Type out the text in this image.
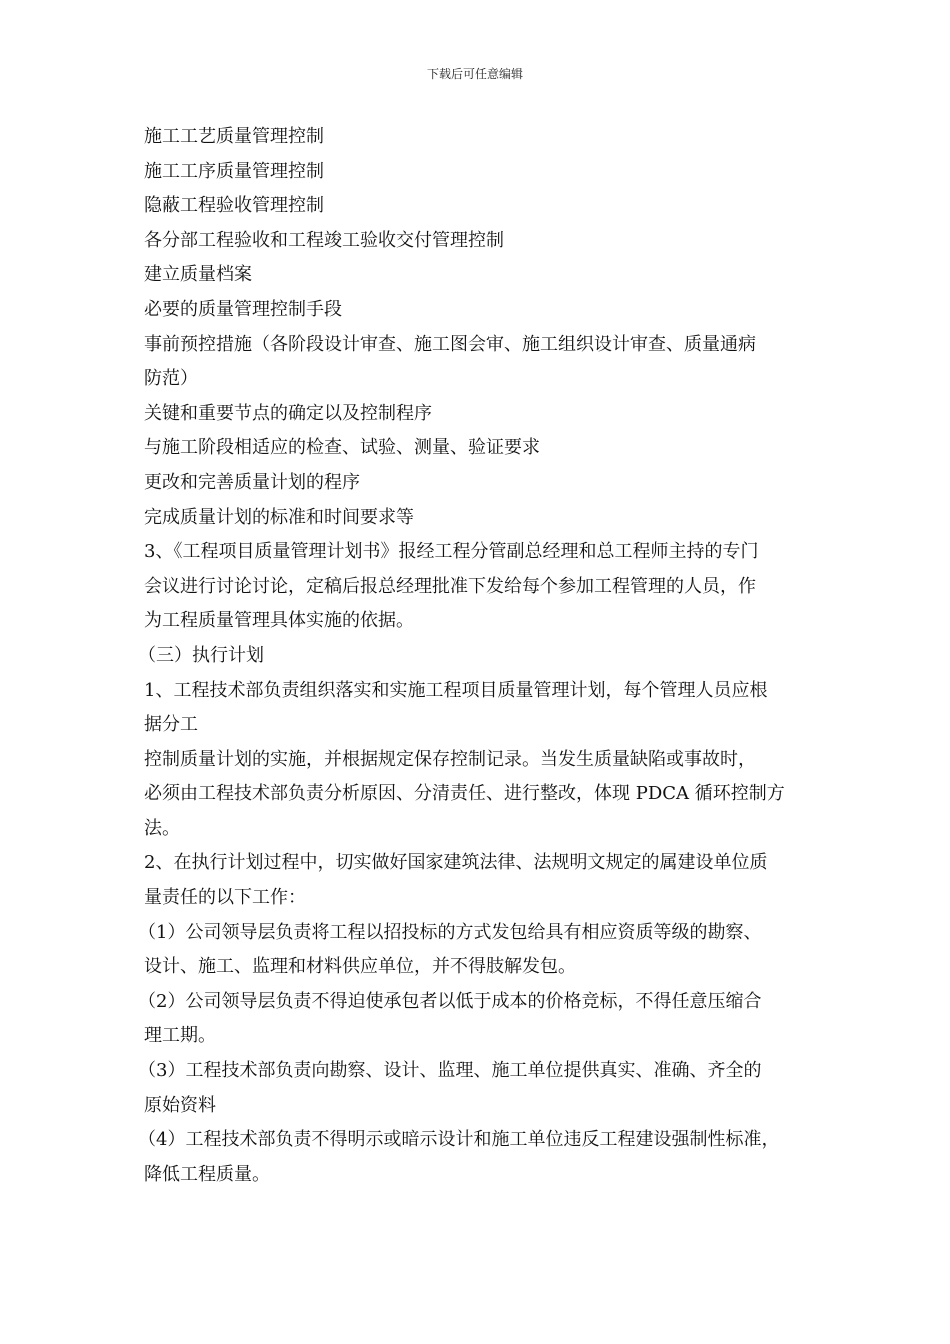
下载后可任意编辑
施工工艺质量管理控制
施工工序质量管理控制
隐蔽工程验收管理控制
各分部工程验收和工程竣工验收交付管理控制
建立质量档案
必要的质量管理控制手段
事前预控措施（各阶段设计审查、施工图会审、施工组织设计审查、质量通病
防范）
关键和重要节点的确定以及控制程序
与施工阶段相适应的检查、试验、测量、验证要求
更改和完善质量计划的程序
完成质量计划的标准和时间要求等
3、《工程项目质量管理计划书》报经工程分管副总经理和总工程师主持的专门
会议进行讨论讨论，定稿后报总经理批准下发给每个参加工程管理的人员，作
为工程质量管理具体实施的依据。
（三）执行计划
1、工程技术部负责组织落实和实施工程项目质量管理计划，每个管理人员应根
据分工
控制质量计划的实施，并根据规定保存控制记录。当发生质量缺陷或事故时，
必须由工程技术部负责分析原因、分清责任、进行整改，体现 PDCA 循环控制方
法。
2、在执行计划过程中，切实做好国家建筑法律、法规明文规定的属建设单位质
量责任的以下工作：
（1）公司领导层负责将工程以招投标的方式发包给具有相应资质等级的勘察、
设计、施工、监理和材料供应单位，并不得肢解发包。
（2）公司领导层负责不得迫使承包者以低于成本的价格竞标，不得任意压缩合
理工期。
（3）工程技术部负责向勘察、设计、监理、施工单位提供真实、准确、齐全的
原始资料
（4）工程技术部负责不得明示或暗示设计和施工单位违反工程建设强制性标准，
降低工程质量。
